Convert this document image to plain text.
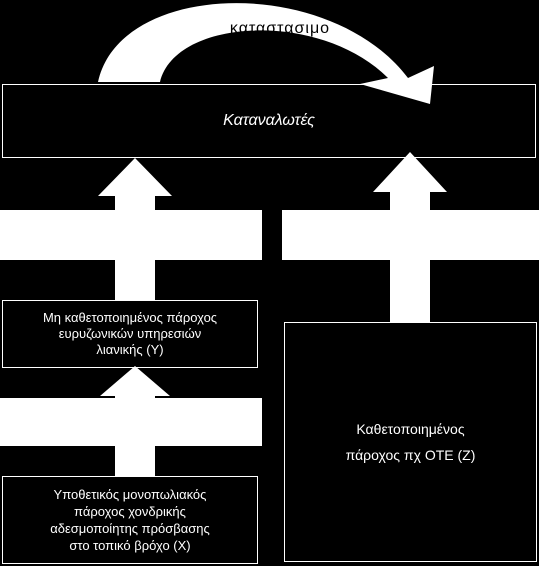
καταστασιμο
της ζήτησης σε
επίπεδο λιανική
Καταναλωτές
Μη καθετοποιημένος πάροχος
ευρυζωνικών υπηρεσιών
λιανικής (Υ)
Καθετοποιημένος
πάροχος πχ ΟΤΕ (Ζ)
Υποθετικός μονοπωλιακός
πάροχος χονδρικής
αδεσμοποίητης πρόσβασης
στο τοπικό βρόχο (Χ)
